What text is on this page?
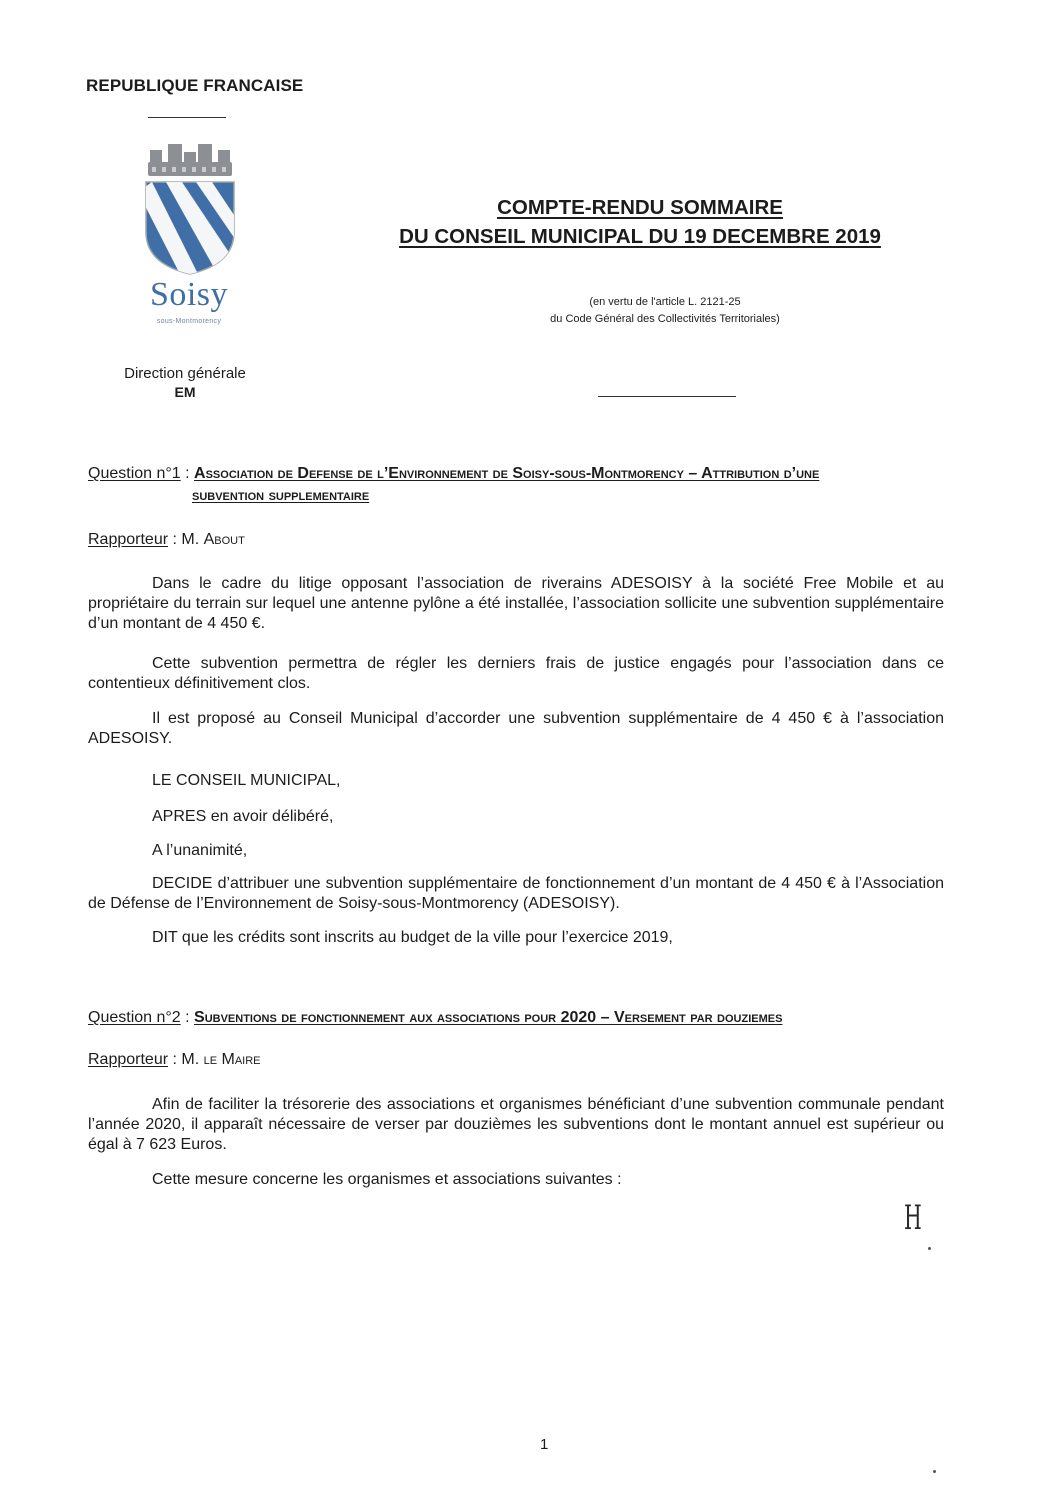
REPUBLIQUE FRANCAISE
Soisy
sous-Montmorency
Direction générale
EM
COMPTE-RENDU SOMMAIRE
DU CONSEIL MUNICIPAL DU 19 DECEMBRE 2019
(en vertu de l'article L. 2121-25
du Code Général des Collectivités Territoriales)
Question n°1 : Association de Defense de l’Environnement de Soisy-sous-Montmorency – Attribution d’une
subvention supplementaire
Rapporteur : M. About

Dans le cadre du litige opposant l’association de riverains ADESOISY à la société Free Mobile et au propriétaire du terrain sur lequel une antenne pylône a été installée, l’association sollicite une subvention supplémentaire d’un montant de 4 450 €.

Cette subvention permettra de régler les derniers frais de justice engagés pour l’association dans ce contentieux définitivement clos.

Il est proposé au Conseil Municipal d’accorder une subvention supplémentaire de 4 450 € à l’association ADESOISY.

LE CONSEIL MUNICIPAL,
APRES en avoir délibéré,
A l’unanimité,

DECIDE d’attribuer une subvention supplémentaire de fonctionnement d’un montant de 4 450 € à l’Association de Défense de l’Environnement de Soisy-sous-Montmorency (ADESOISY).

DIT que les crédits sont inscrits au budget de la ville pour l’exercice 2019,
Question n°2 : Subventions de fonctionnement aux associations pour 2020 – Versement par douziemes
Rapporteur : M. le Maire

Afin de faciliter la trésorerie des associations et organismes bénéficiant d’une subvention communale pendant l’année 2020, il apparaît nécessaire de verser par douzièmes les subventions dont le montant annuel est supérieur ou égal à 7 623 Euros.

Cette mesure concerne les organismes et associations suivantes :
H
1
